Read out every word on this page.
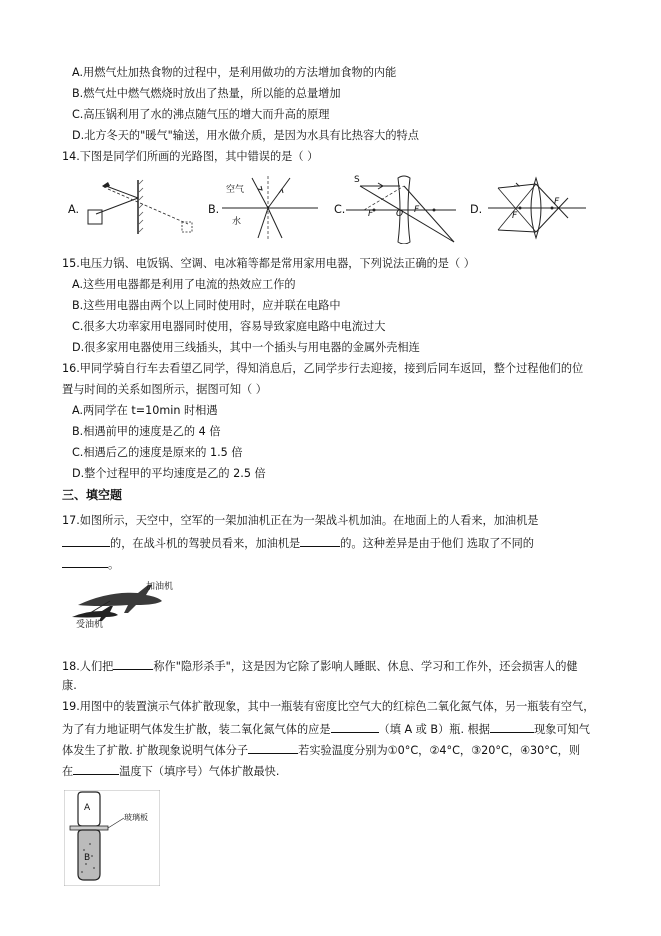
A.用燃气灶加热食物的过程中，是利用做功的方法增加食物的内能
B.燃气灶中燃气燃烧时放出了热量，所以能的总量增加
C.高压锅利用了水的沸点随气压的增大而升高的原理
D.北方冬天的"暖气"输送，用水做介质，是因为水具有比热容大的特点
14.下图是同学们所画的光路图，其中错误的是（ ）
A.	B.
空气
水
C.
S
F	O F	D.	F
F
15.电压力锅、电饭锅、空调、电冰箱等都是常用家用电器，下列说法正确的是（ ）
A.这些用电器都是利用了电流的热效应工作的
B.这些用电器由两个以上同时使用时，应并联在电路中
C.很多大功率家用电器同时使用，容易导致家庭电路中电流过大
D.很多家用电器使用三线插头，其中一个插头与用电器的金属外壳相连
16.甲同学骑自行车去看望乙同学，得知消息后，乙同学步行去迎接，接到后同车返回，整个过程他们的位
置与时间的关系如图所示，据图可知（ ）
A.两同学在 t=10min 时相遇
B.相遇前甲的速度是乙的 4 倍
C.相遇后乙的速度是原来的 1.5 倍
D.整个过程甲的平均速度是乙的 2.5 倍
三、填空题
17.如图所示，天空中，空军的一架加油机正在为一架战斗机加油。在地面上的人看来，加油机是
的，在战斗机的驾驶员看来，加油机是	的。这种差异是由于他们 选取了不同的
。
加油机
受油机
18.人们把	称作"隐形杀手"，这是因为它除了影响人睡眠、休息、学习和工作外，还会损害人的健
康.
19.用图中的装置演示气体扩散现象，其中一瓶装有密度比空气大的红棕色二氧化氮气体，另一瓶装有空气，
为了有力地证明气体发生扩散，装二氧化氮气体的应是	（填 A 或 B）瓶. 根据	现象可知气
体发生了扩散. 扩散现象说明气体分子	若实验温度分别为①0°C，②4°C，③20°C，④30°C，则
在	温度下（填序号）气体扩散最快.
A
B
玻璃板
